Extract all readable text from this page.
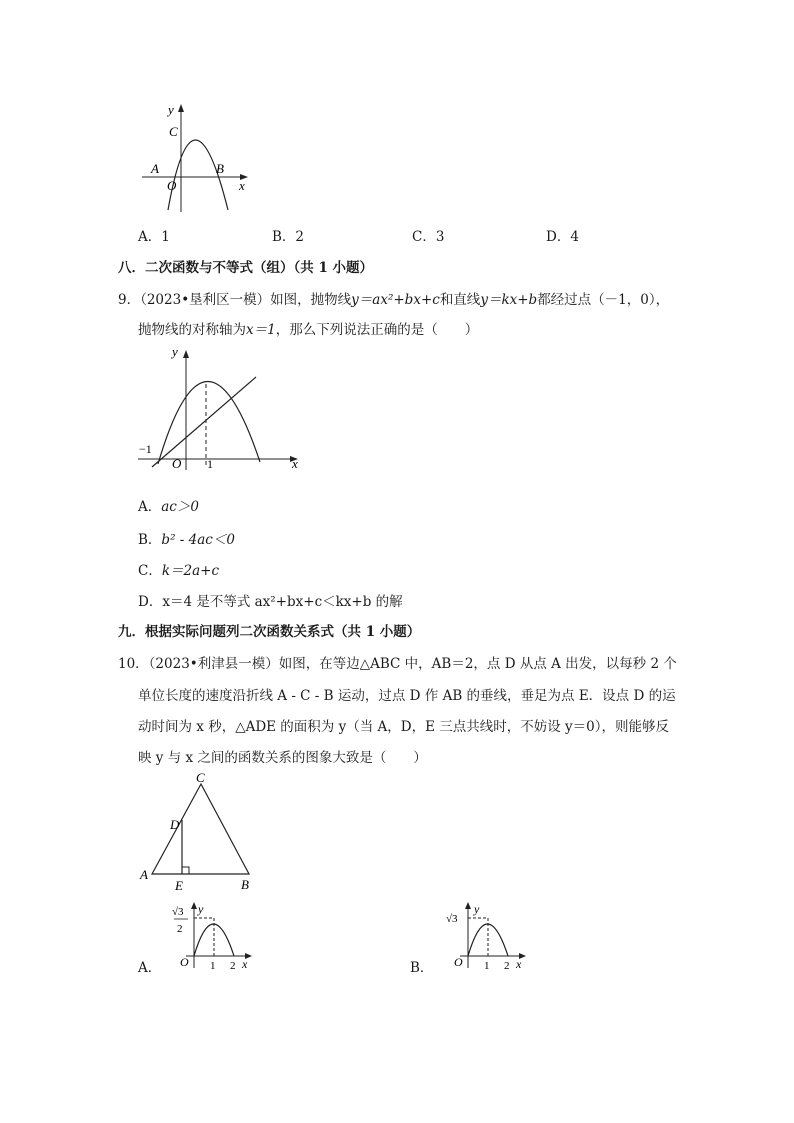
y
C
A	B
O	x
A．1	B．2	C．3	D．4
八．二次函数与不等式（组）（共 1 小题）
9．（2023•垦利区一模）如图，抛物线y＝ax²+bx+c和直线y＝kx+b都经过点（－1，0），
抛物线的对称轴为x＝1，那么下列说法正确的是（　　）
y
−1
O 1	x
A．ac＞0
B．b² - 4ac＜0
C．k＝2a+c
D．x＝4 是不等式 ax²+bx+c＜kx+b 的解
九．根据实际问题列二次函数关系式（共 1 小题）
10．（2023•利津县一模）如图，在等边△ABC 中，AB＝2，点 D 从点 A 出发，以每秒 2 个
单位长度的速度沿折线 A - C - B 运动，过点 D 作 AB 的垂线，垂足为点 E．设点 D 的运
动时间为 x 秒，△ADE 的面积为 y（当 A，D，E 三点共线时，不妨设 y＝0），则能够反
映 y 与 x 之间的函数关系的图象大致是（　　）
C
D
A
E	B
A．
√3
2
y
O 1 2 x	B．
√3
y
O 1 2 x
